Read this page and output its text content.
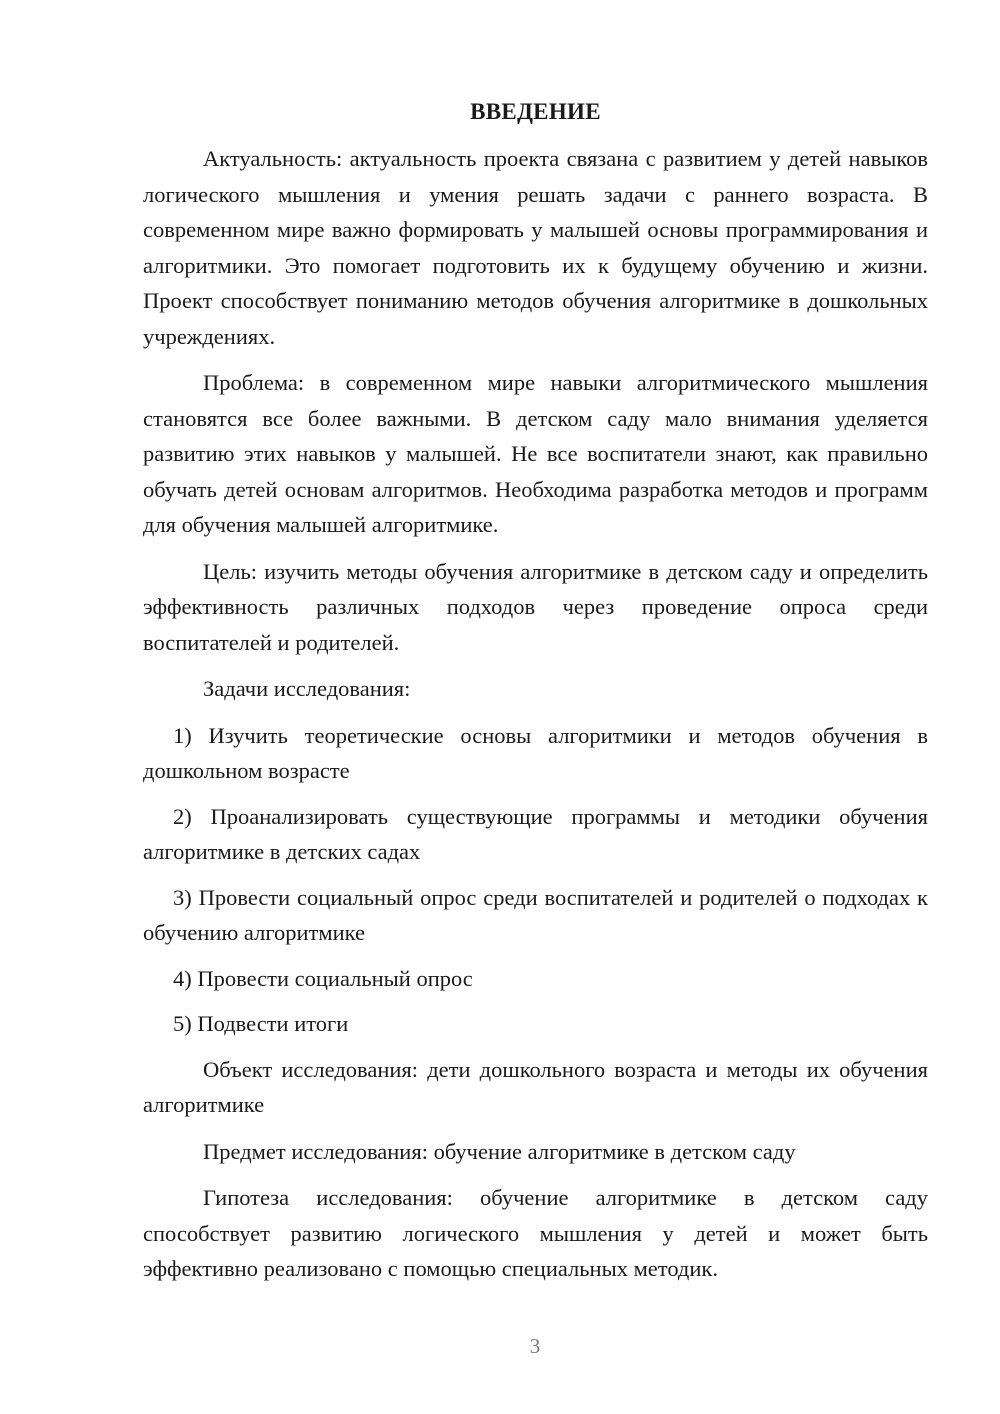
ВВЕДЕНИЕ

Актуальность: актуальность проекта связана с развитием у детей навыков логического мышления и умения решать задачи с раннего возраста. В современном мире важно формировать у малышей основы программирования и алгоритмики. Это помогает подготовить их к будущему обучению и жизни. Проект способствует пониманию методов обучения алгоритмике в дошкольных учреждениях.

Проблема: в современном мире навыки алгоритмического мышления становятся все более важными. В детском саду мало внимания уделяется развитию этих навыков у малышей. Не все воспитатели знают, как правильно обучать детей основам алгоритмов. Необходима разработка методов и программ для обучения малышей алгоритмике.

Цель: изучить методы обучения алгоритмике в детском саду и определить эффективность различных подходов через проведение опроса среди воспитателей и родителей.

Задачи исследования:

1) Изучить теоретические основы алгоритмики и методов обучения в дошкольном возрасте

2) Проанализировать существующие программы и методики обучения алгоритмике в детских садах

3) Провести социальный опрос среди воспитателей и родителей о подходах к обучению алгоритмике

4) Провести социальный опрос

5) Подвести итоги

Объект исследования: дети дошкольного возраста и методы их обучения алгоритмике

Предмет исследования: обучение алгоритмике в детском саду

Гипотеза исследования: обучение алгоритмике в детском саду способствует развитию логического мышления у детей и может быть эффективно реализовано с помощью специальных методик.

3
